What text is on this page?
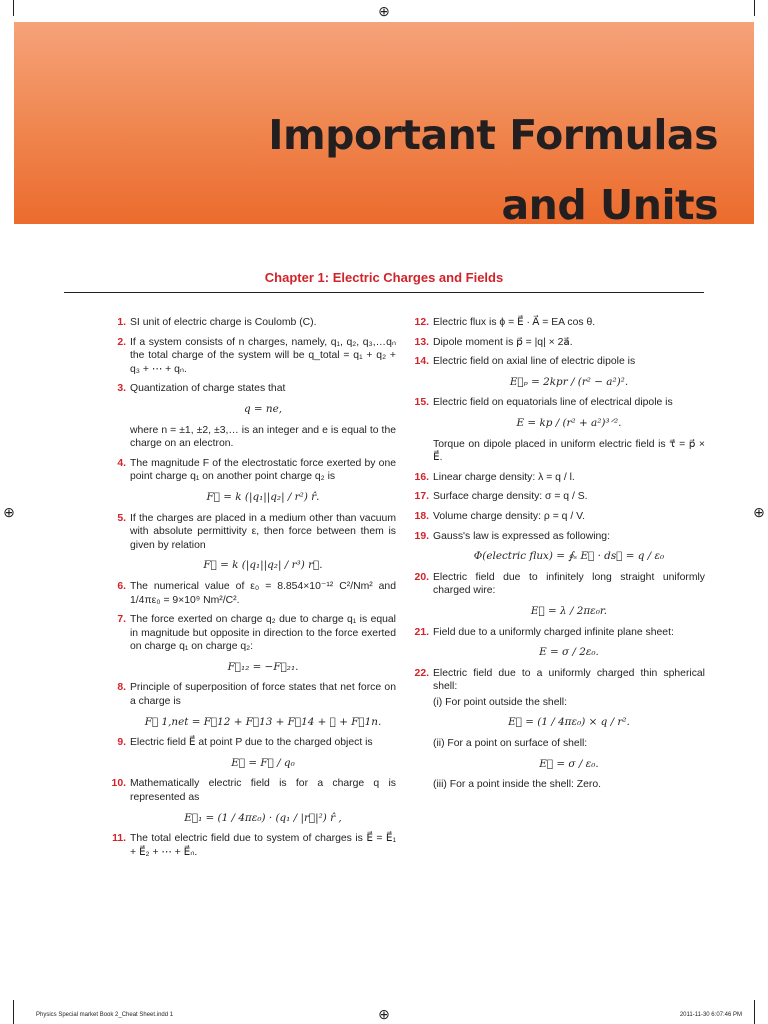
⊕
⊕	⊕
⊕
Important Formulas
and Units
Chapter 1: Electric Charges and Fields
1. SI unit of electric charge is Coulomb (C).
2. If a system consists of n charges, namely, q₁, q₂, q₃,…qₙ the total charge of the system will be q_total = q₁ + q₂ + q₃ + ⋯ + qₙ.
3. Quantization of charge states that
q = ne,
where n = ±1, ±2, ±3,… is an integer and e is equal to the charge on an electron.
4. The magnitude F of the electrostatic force exerted by one point charge q₁ on another point charge q₂ is
F⃗ = k (|q₁||q₂| / r²) r̂.
5. If the charges are placed in a medium other than vacuum with absolute permittivity ε, then force between them is given by relation
F⃗ = k (|q₁||q₂| / r³) r⃗.
6. The numerical value of ε₀ = 8.854×10⁻¹² C²/Nm² and 1/4πε₀ = 9×10⁹ Nm²/C².
7. The force exerted on charge q₂ due to charge q₁ is equal in magnitude but opposite in direction to the force exerted on charge q₁ on charge q₂:
F⃗₁₂ = −F⃗₂₁.
8. Principle of superposition of force states that net force on a charge is
F⃗ 1,net = F⃗12 + F⃗13 + F⃗14 + ⋯ + F⃗1n.
9. Electric field E⃗ at point P due to the charged object is
E⃗ = F⃗ / q₀
10. Mathematically electric field is for a charge q is represented as
E⃗₁ = (1 / 4πε₀) · (q₁ / |r⃗|²) r̂ ,
11. The total electric field due to system of charges is E⃗ = E⃗₁ + E⃗₂ + ⋯ + E⃗ₙ.
12. Electric flux is ϕ = E⃗ · A⃗ = EA cos θ.
13. Dipole moment is p⃗ = |q| × 2a⃗.
14. Electric field on axial line of electric dipole is
E⃗ₚ = 2kpr / (r² − a²)².
15. Electric field on equatorials line of electrical dipole is
E = kp / (r² + a²)³ᐟ².
Torque on dipole placed in uniform electric field is τ⃗ = p⃗ × E⃗.
16. Linear charge density: λ = q / l.
17. Surface charge density: σ = q / S.
18. Volume charge density: ρ = q / V.
19. Gauss's law is expressed as following:
Φ(electric flux) = ∮ₛ E⃗ · ds⃗ = q / ε₀
20. Electric field due to infinitely long straight uniformly charged wire:
E⃗ = λ / 2πε₀r.
21. Field due to a uniformly charged infinite plane sheet:
E = σ / 2ε₀.
22. Electric field due to a uniformly charged thin spherical shell:
(i) For point outside the shell:
E⃗ = (1 / 4πε₀) × q / r².
(ii) For a point on surface of shell:
E⃗ = σ / ε₀.
(iii) For a point inside the shell: Zero.
Physics Special market Book 2_Cheat Sheet.indd 1	2011-11-30 6:07:46 PM
